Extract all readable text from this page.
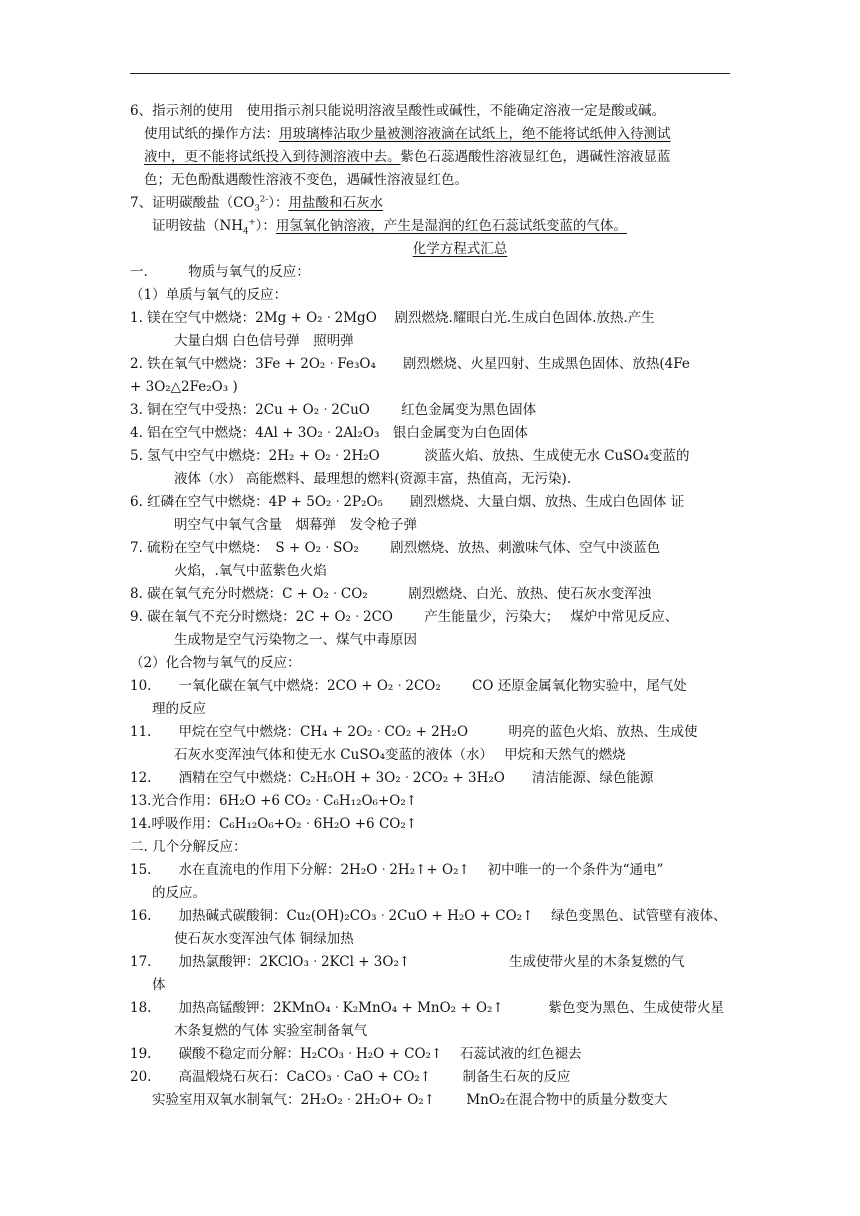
6、指示剂的使用　使用指示剂只能说明溶液呈酸性或碱性，不能确定溶液一定是酸或碱。
使用试纸的操作方法：用玻璃棒沾取少量被测溶液滴在试纸上，绝不能将试纸伸入待测试
液中，更不能将试纸投入到待测溶液中去。紫色石蕊遇酸性溶液显红色，遇碱性溶液显蓝
色；无色酚酞遇酸性溶液不变色，遇碱性溶液显红色。
7、证明碳酸盐$(CO_3^{2-})$：用盐酸和石灰水
证明铵盐$(NH_4^+)$：用氢氧化钠溶液，产生是湿润的红色石蕊试纸变蓝的气体。
化学方程式汇总
一.　　　物质与氧气的反应：
（1）单质与氧气的反应：
1. 镁在空气中燃烧：2Mg + O₂ ᐧ 2MgO　 剧烈燃烧.耀眼白光.生成白色固体.放热.产生
大量白烟 白色信号弹　照明弹
2. 铁在氧气中燃烧：3Fe + 2O₂ ᐧ Fe₃O₄　　剧烈燃烧、火星四射、生成黑色固体、放热(4Fe
+ 3O₂△2Fe₂O₃ )
3. 铜在空气中受热：2Cu + O₂ ᐧ 2CuO　　 红色金属变为黑色固体
4. 铝在空气中燃烧：4Al + 3O₂ ᐧ 2Al₂O₃　银白金属变为白色固体
5. 氢气中空气中燃烧：2H₂ + O₂ ᐧ 2H₂O　　　 淡蓝火焰、放热、生成使无水 CuSO₄变蓝的
液体（水） 高能燃料、最理想的燃料(资源丰富，热值高，无污染).
6. 红磷在空气中燃烧：4P + 5O₂ ᐧ 2P₂O₅　　剧烈燃烧、大量白烟、放热、生成白色固体 证
明空气中氧气含量　烟幕弹　发令枪子弹
7. 硫粉在空气中燃烧：　S + O₂ ᐧ SO₂　　 剧烈燃烧、放热、刺激味气体、空气中淡蓝色
火焰，.氧气中蓝紫色火焰
8. 碳在氧气充分时燃烧：C + O₂ ᐧ CO₂　　　剧烈燃烧、白光、放热、使石灰水变浑浊
9. 碳在氧气不充分时燃烧：2C + O₂ ᐧ 2CO　　 产生能量少，污染大；　 煤炉中常见反应、
生成物是空气污染物之一、煤气中毒原因
（2）化合物与氧气的反应：
10.　　一氧化碳在氧气中燃烧：2CO + O₂ ᐧ 2CO₂　　 CO 还原金属氧化物实验中，尾气处
理的反应
11.　　甲烷在空气中燃烧：CH₄ + 2O₂ ᐧ CO₂ + 2H₂O　　　明亮的蓝色火焰、放热、生成使
石灰水变浑浊气体和使无水 CuSO₄变蓝的液体（水）　 甲烷和天然气的燃烧
12.　　酒精在空气中燃烧：C₂H₅OH + 3O₂ ᐧ 2CO₂ + 3H₂O　　清洁能源、绿色能源
13.光合作用：6H₂O +6 CO₂ ᐧ C₆H₁₂O₆+O₂↑
14.呼吸作用：C₆H₁₂O₆+O₂ ᐧ 6H₂O +6 CO₂↑
二. 几个分解反应：
15.　　水在直流电的作用下分解：2H₂O ᐧ 2H₂↑+ O₂↑　 初中唯一的一个条件为“通电”
的反应。
16.　　加热碱式碳酸铜：Cu₂(OH)₂CO₃ ᐧ 2CuO + H₂O + CO₂↑　 绿色变黑色、试管壁有液体、
使石灰水变浑浊气体 铜绿加热
17.　　加热氯酸钾：2KClO₃ ᐧ 2KCl + 3O₂↑　　　　　　　 生成使带火星的木条复燃的气
体
18.　　加热高锰酸钾：2KMnO₄ ᐧ K₂MnO₄ + MnO₂ + O₂↑　　　 紫色变为黑色、生成使带火星
木条复燃的气体 实验室制备氧气
19.　　碳酸不稳定而分解：H₂CO₃ ᐧ H₂O + CO₂↑　 石蕊试液的红色褪去
20.　　高温煅烧石灰石：CaCO₃ ᐧ CaO + CO₂↑　　 制备生石灰的反应
实验室用双氧水制氧气：2H₂O₂ ᐧ 2H₂O+ O₂↑　　 MnO₂在混合物中的质量分数变大
